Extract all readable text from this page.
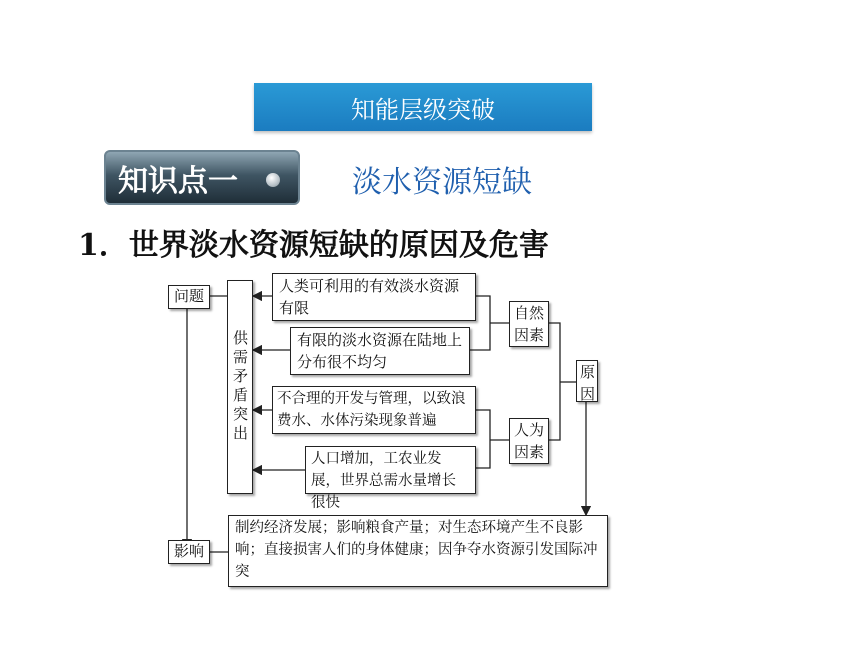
知能层级突破
知识点一	淡水资源短缺
1．世界淡水资源短缺的原因及危害
问题
供需矛盾突出
人类可利用的有效淡水资源有限
有限的淡水资源在陆地上分布很不均匀
不合理的开发与管理，以致浪费水、水体污染现象普遍
人口增加，工农业发展，世界总需水量增长很快
自然因素
人为因素
原因
影响
制约经济发展；影响粮食产量；对生态环境产生不良影响；直接损害人们的身体健康；因争夺水资源引发国际冲突
